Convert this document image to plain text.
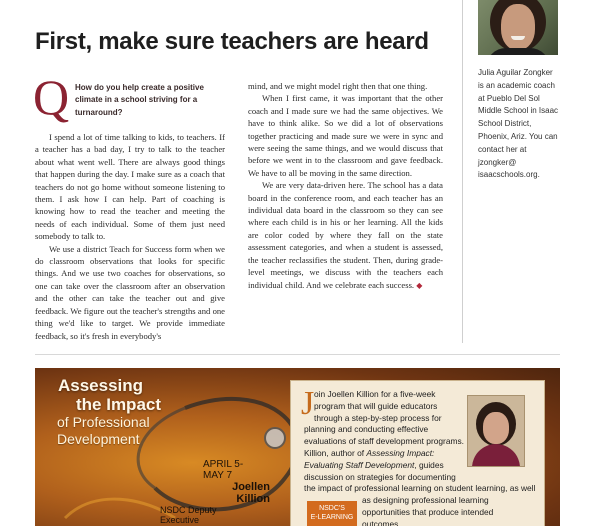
First, make sure teachers are heard
Q How do you help create a positive climate in a school striving for a turnaround?

I spend a lot of time talking to kids, to teachers. If a teacher has a bad day, I try to talk to the teacher about what went well. There are always good things that happen during the day. I make sure as a coach that teachers do not go home without someone listening to them. I ask how I can help. Part of coaching is knowing how to read the teacher and meeting the needs of each individual. Some of them just need somebody to talk to.

We use a district Teach for Success form when we do classroom observations that looks for specific things. And we use two coaches for observations, so one can take over the classroom after an observation and the other can take the teacher out and give feedback. We figure out the teacher's strengths and one thing we'd like to target. We provide immediate feedback, so it's fresh in everybody's

mind, and we might model right then that one thing.

When I first came, it was important that the other coach and I made sure we had the same objectives. We have to think alike. So we did a lot of observations together practicing and made sure we were in sync and were seeing the same things, and we would discuss that before we went in to the classroom and gave feedback. We have to all be moving in the same direction.

We are very data-driven here. The school has a data board in the conference room, and each teacher has an individual data board in the classroom so they can see where each child is in his or her learning. All the kids are color coded by where they fall on the state assessment categories, and when a student is assessed, the teacher reclassifies the student. Then, during grade-level meetings, we discuss with the teachers each individual child. And we celebrate each success. ◆

Julia Aguilar Zongker
is an academic coach
at Pueblo Del Sol
Middle School in Isaac
School District,
Phoenix, Ariz. You can
contact her at
jzongker@
isaacschools.org.
Assessing
the Impact
of Professional
Development
APRIL 5-
MAY 7
Joellen
Killion
NSDC Deputy
Executive
J oin Joellen Killion for a five-week
program that will guide educators
through a step-by-step process for
planning and conducting effective
evaluations of staff development programs.
Killion, author of Assessing Impact:
Evaluating Staff Development, guides
discussion on strategies for documenting
the impact of professional learning on student learning, as well
as designing professional learning
opportunities that produce intended
outcomes.
NSDC'S
E-LEARNING
